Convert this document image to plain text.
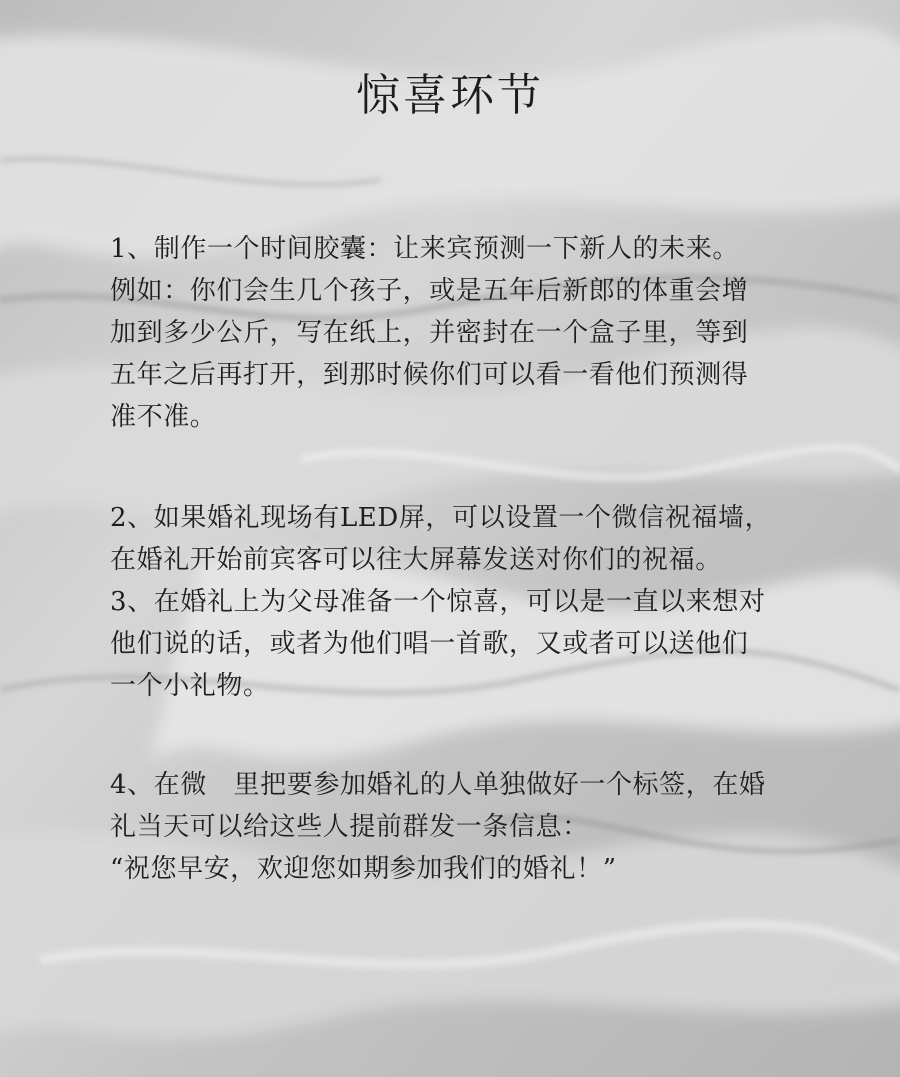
惊喜环节
1、制作一个时间胶囊：让来宾预测一下新人的未来。
例如：你们会生几个孩子，或是五年后新郎的体重会增
加到多少公斤，写在纸上，并密封在一个盒子里，等到
五年之后再打开，到那时候你们可以看一看他们预测得
准不准。
2、如果婚礼现场有LED屏，可以设置一个微信祝福墙，
在婚礼开始前宾客可以往大屏幕发送对你们的祝福。
3、在婚礼上为父母准备一个惊喜，可以是一直以来想对
他们说的话，或者为他们唱一首歌，又或者可以送他们
一个小礼物。
4、在微　里把要参加婚礼的人单独做好一个标签，在婚
礼当天可以给这些人提前群发一条信息：
“祝您早安，欢迎您如期参加我们的婚礼！”
